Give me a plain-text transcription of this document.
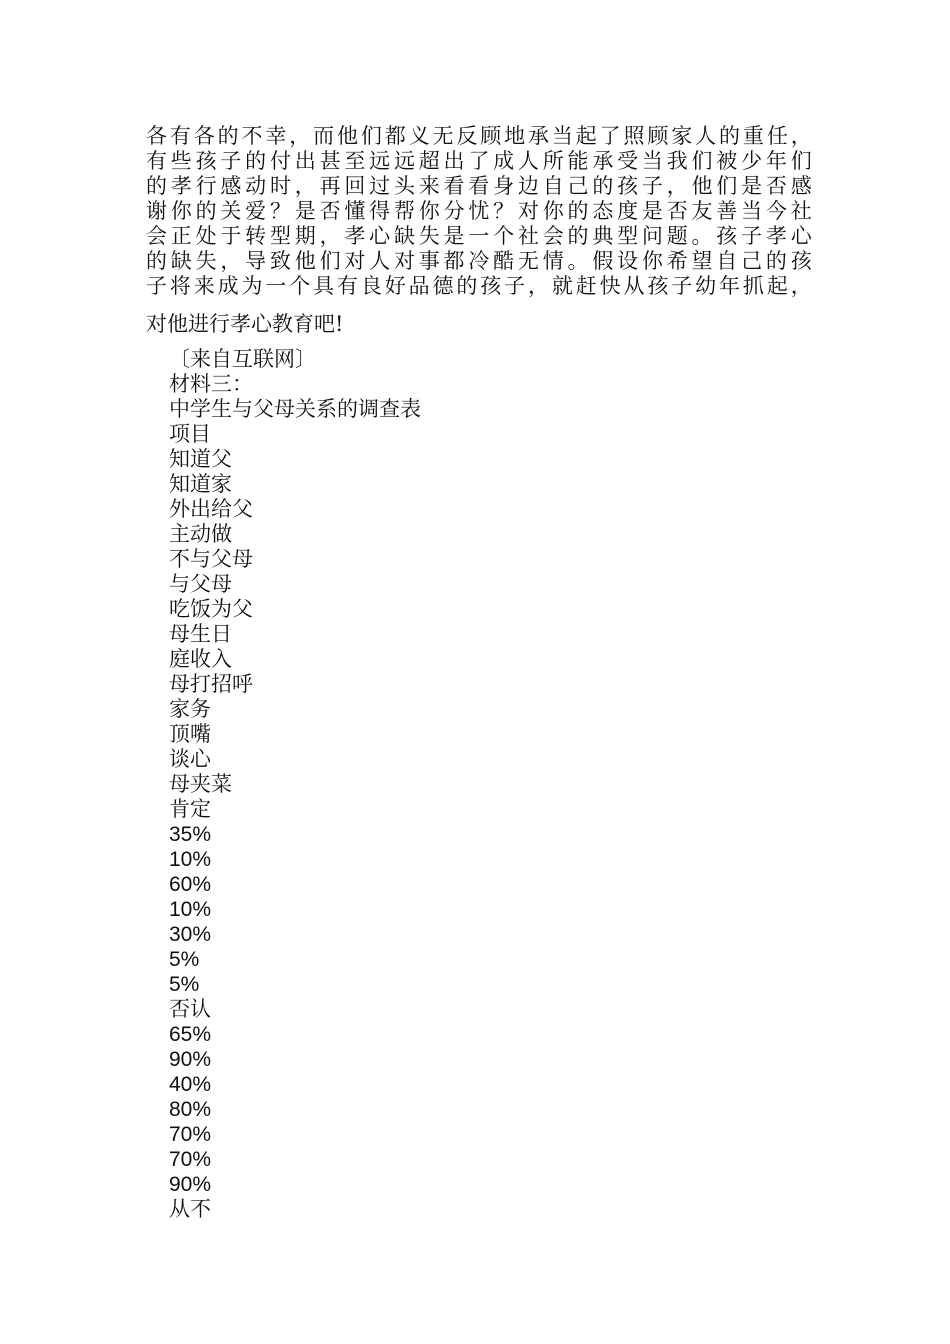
各有各的不幸，而他们都义无反顾地承当起了照顾家人的重任，
有些孩子的付出甚至远远超出了成人所能承受当我们被少年们
的孝行感动时，再回过头来看看身边自己的孩子，他们是否感
谢你的关爱？是否懂得帮你分忧？对你的态度是否友善当今社
会正处于转型期，孝心缺失是一个社会的典型问题。孩子孝心
的缺失，导致他们对人对事都冷酷无情。假设你希望自己的孩
子将来成为一个具有良好品德的孩子，就赶快从孩子幼年抓起，
对他进行孝心教育吧!
〔来自互联网〕
材料三：
中学生与父母关系的调查表
项目
知道父
知道家
外出给父
主动做
不与父母
与父母
吃饭为父
母生日
庭收入
母打招呼
家务
顶嘴
谈心
母夹菜
肯定
35%
10%
60%
10%
30%
5%
5%
否认
65%
90%
40%
80%
70%
70%
90%
从不
